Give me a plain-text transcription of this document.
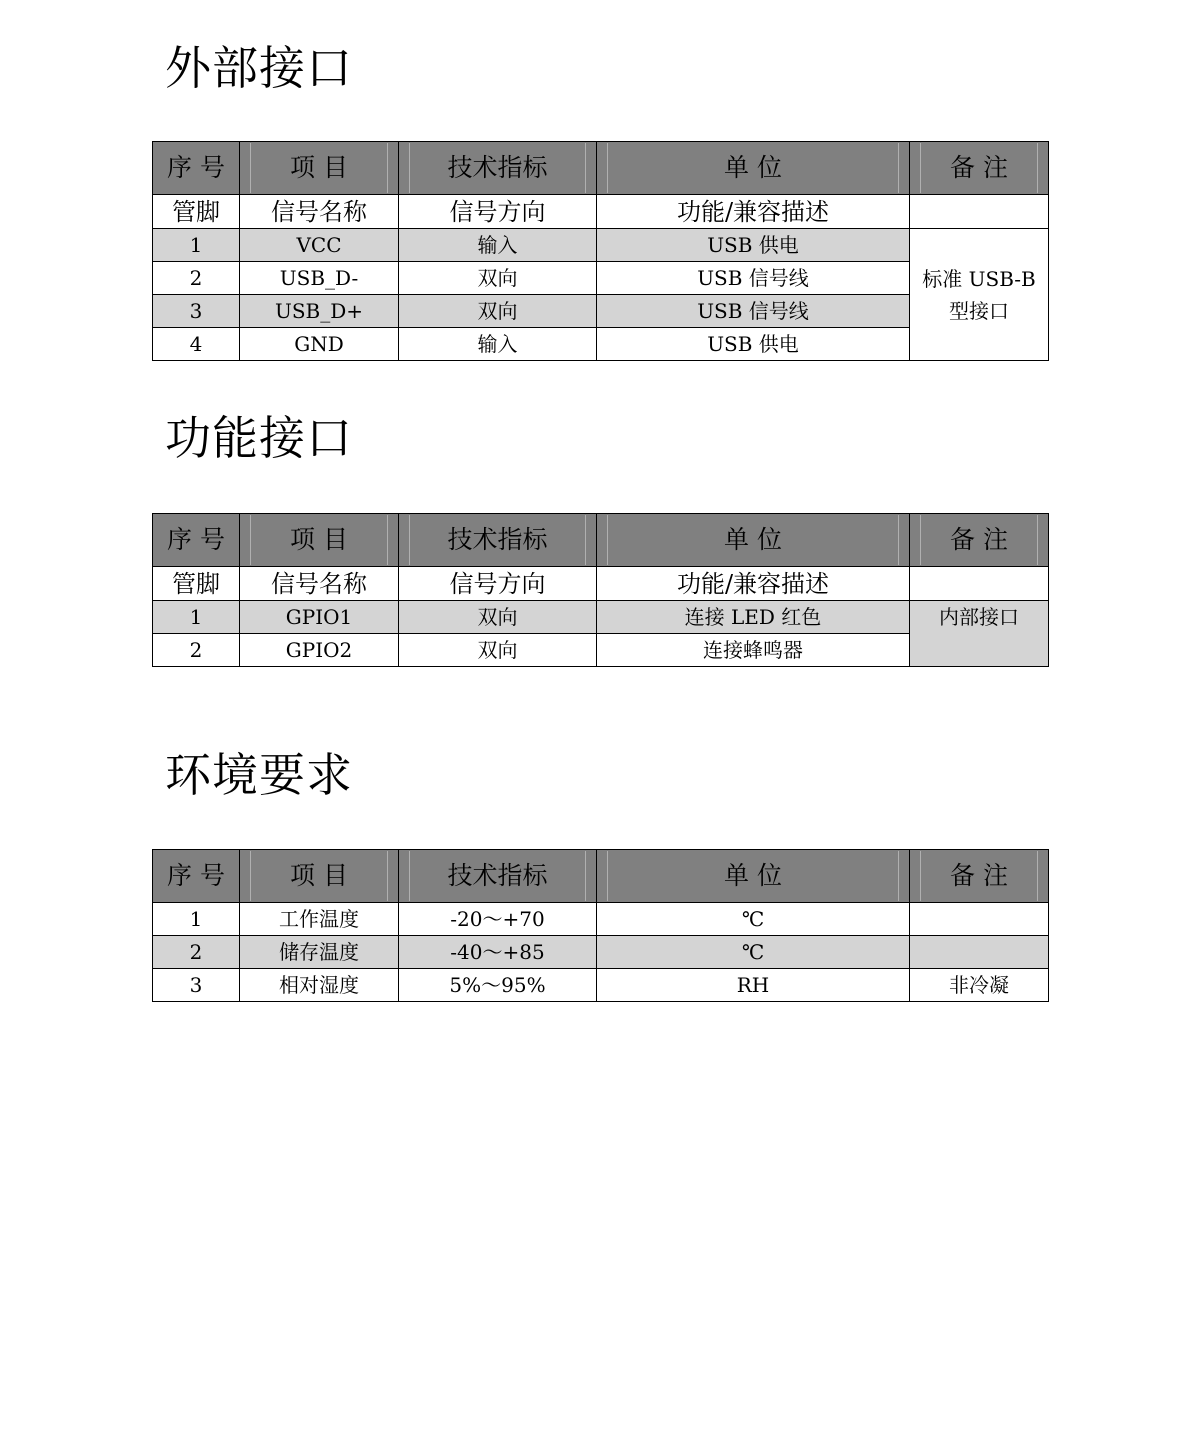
外部接口
序 号	项 目	技术指标	单 位	备 注

管脚	信号名称	信号方向	功能/兼容描述	
1	VCC	输入	USB 供电	标准 USB-B
型接口
2	USB_D-	双向	USB 信号线	
3	USB_D+	双向	USB 信号线	
4	GND	输入	USB 供电	
功能接口
序 号	项 目	技术指标	单 位	备 注

管脚	信号名称	信号方向	功能/兼容描述	
1	GPIO1	双向	连接 LED 红色	内部接口

2	GPIO2	双向	连接蜂鸣器	
环境要求
序 号	项 目	技术指标	单 位	备 注

1	工作温度	-20～+70	℃	
2	储存温度	-40～+85	℃	
3	相对湿度	5%～95%	RH	非冷凝
